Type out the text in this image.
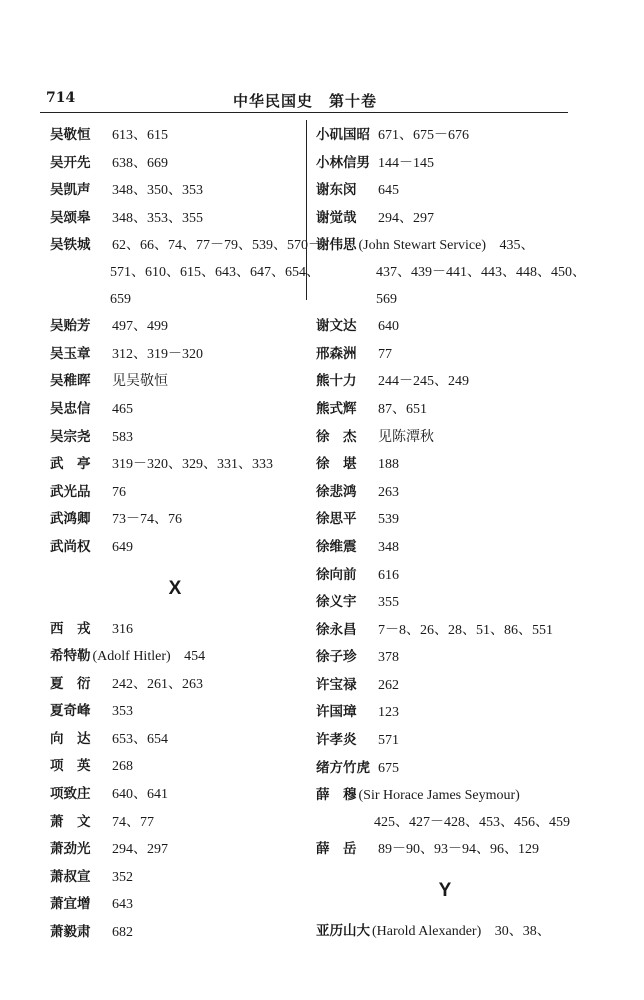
714	中华民国史　第十卷
吴敬恒 613、615
吴开先 638、669
吴凯声 348、350、353
吴颂皋 348、353、355
吴铁城 62、66、74、77－79、539、570－
571、610、615、643、647、654、
659
吴贻芳 497、499
吴玉章 312、319－320
吴稚晖 见吴敬恒
吴忠信 465
吴宗尧 583
武　亭 319－320、329、331、333
武光品 76
武鸿卿 73－74、76
武尚权 649
X
西　戎 316
希特勒 (Adolf Hitler)  454
夏　衍 242、261、263
夏奇峰 353
向　达 653、654
项　英 268
项致庄 640、641
萧　文 74、77
萧劲光 294、297
萧叔宣 352
萧宜增 643
萧毅肃 682
小矶国昭 671、675－676
小林信男 144－145
谢东闵 645
谢觉哉 294、297
谢伟思 (John Stewart Service)  435、
437、439－441、443、448、450、
569
谢文达 640
邢森洲 77
熊十力 244－245、249
熊式辉 87、651
徐　杰 见陈潭秋
徐　堪 188
徐悲鸿 263
徐思平 539
徐维震 348
徐向前 616
徐义宇 355
徐永昌 7－8、26、28、51、86、551
徐子珍 378
许宝禄 262
许国璋 123
许孝炎 571
绪方竹虎 675
薛　穆 (Sir Horace James Seymour) 
425、427－428、453、456、459
薛　岳 89－90、93－94、96、129
Y
亚历山大 (Harold Alexander)  30、38、
